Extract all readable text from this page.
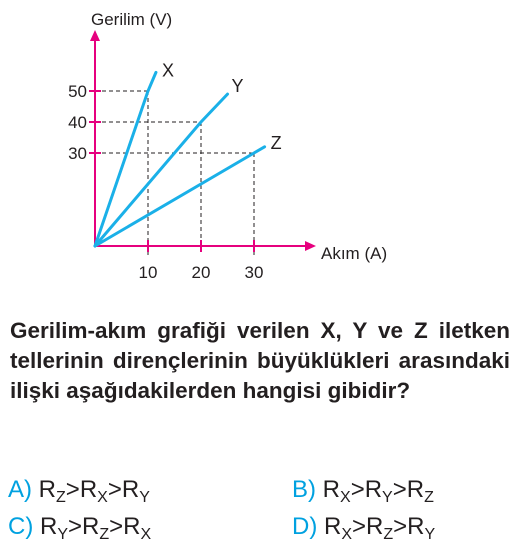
30
40
50
10 20 30
X
Y
Z
Gerilim (V)
Akım (A)
Gerilim-akım grafiği verilen X, Y ve Z iletken tellerinin dirençlerinin büyüklükleri arasındaki ilişki aşağıdakilerden hangisi gibidir?
A) $R_Z>R_X>R_Y$	B) $R_X>R_Y>R_Z$
C) $R_Y>R_Z>R_X$	D) $R_X>R_Z>R_Y$
